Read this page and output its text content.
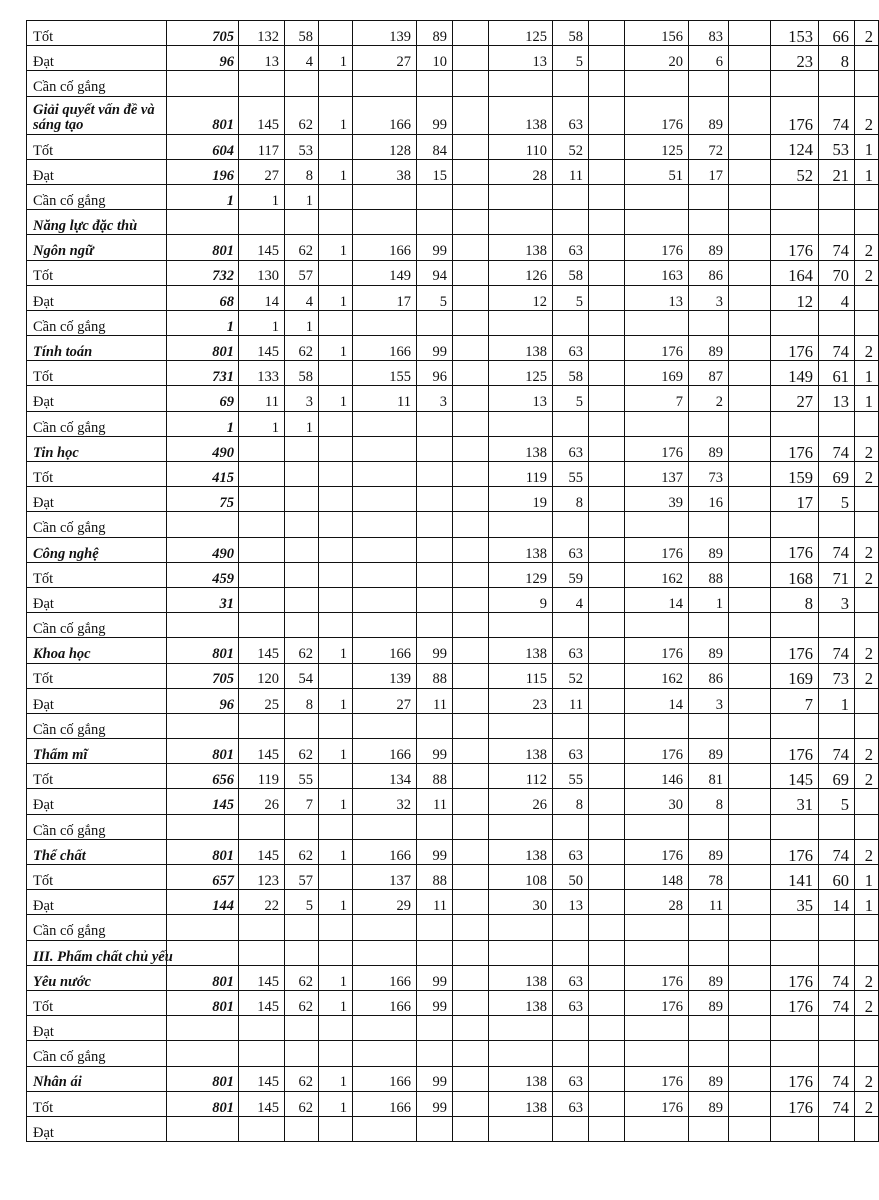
Tốt	705	132	58		139	89		125	58		156	83		153	66	2
Đạt	96	13	4	1	27	10		13	5		20	6		23	8	
Cần cố gắng																
Giải quyết vấn đề và sáng tạo	801	145	62	1	166	99		138	63		176	89		176	74	2
Tốt	604	117	53		128	84		110	52		125	72		124	53	1
Đạt	196	27	8	1	38	15		28	11		51	17		52	21	1
Cần cố gắng	1	1	1													
Năng lực đặc thù																
Ngôn ngữ	801	145	62	1	166	99		138	63		176	89		176	74	2
Tốt	732	130	57		149	94		126	58		163	86		164	70	2
Đạt	68	14	4	1	17	5		12	5		13	3		12	4	
Cần cố gắng	1	1	1													
Tính toán	801	145	62	1	166	99		138	63		176	89		176	74	2
Tốt	731	133	58		155	96		125	58		169	87		149	61	1
Đạt	69	11	3	1	11	3		13	5		7	2		27	13	1
Cần cố gắng	1	1	1													
Tin học	490							138	63		176	89		176	74	2
Tốt	415							119	55		137	73		159	69	2
Đạt	75							19	8		39	16		17	5	
Cần cố gắng																
Công nghệ	490							138	63		176	89		176	74	2
Tốt	459							129	59		162	88		168	71	2
Đạt	31							9	4		14	1		8	3	
Cần cố gắng																
Khoa học	801	145	62	1	166	99		138	63		176	89		176	74	2
Tốt	705	120	54		139	88		115	52		162	86		169	73	2
Đạt	96	25	8	1	27	11		23	11		14	3		7	1	
Cần cố gắng																
Thẩm mĩ	801	145	62	1	166	99		138	63		176	89		176	74	2
Tốt	656	119	55		134	88		112	55		146	81		145	69	2
Đạt	145	26	7	1	32	11		26	8		30	8		31	5	
Cần cố gắng																
Thể chất	801	145	62	1	166	99		138	63		176	89		176	74	2
Tốt	657	123	57		137	88		108	50		148	78		141	60	1
Đạt	144	22	5	1	29	11		30	13		28	11		35	14	1
Cần cố gắng																
III. Phẩm chất chủ yếu																
Yêu nước	801	145	62	1	166	99		138	63		176	89		176	74	2
Tốt	801	145	62	1	166	99		138	63		176	89		176	74	2
Đạt																
Cần cố gắng																
Nhân ái	801	145	62	1	166	99		138	63		176	89		176	74	2
Tốt	801	145	62	1	166	99		138	63		176	89		176	74	2
Đạt																
